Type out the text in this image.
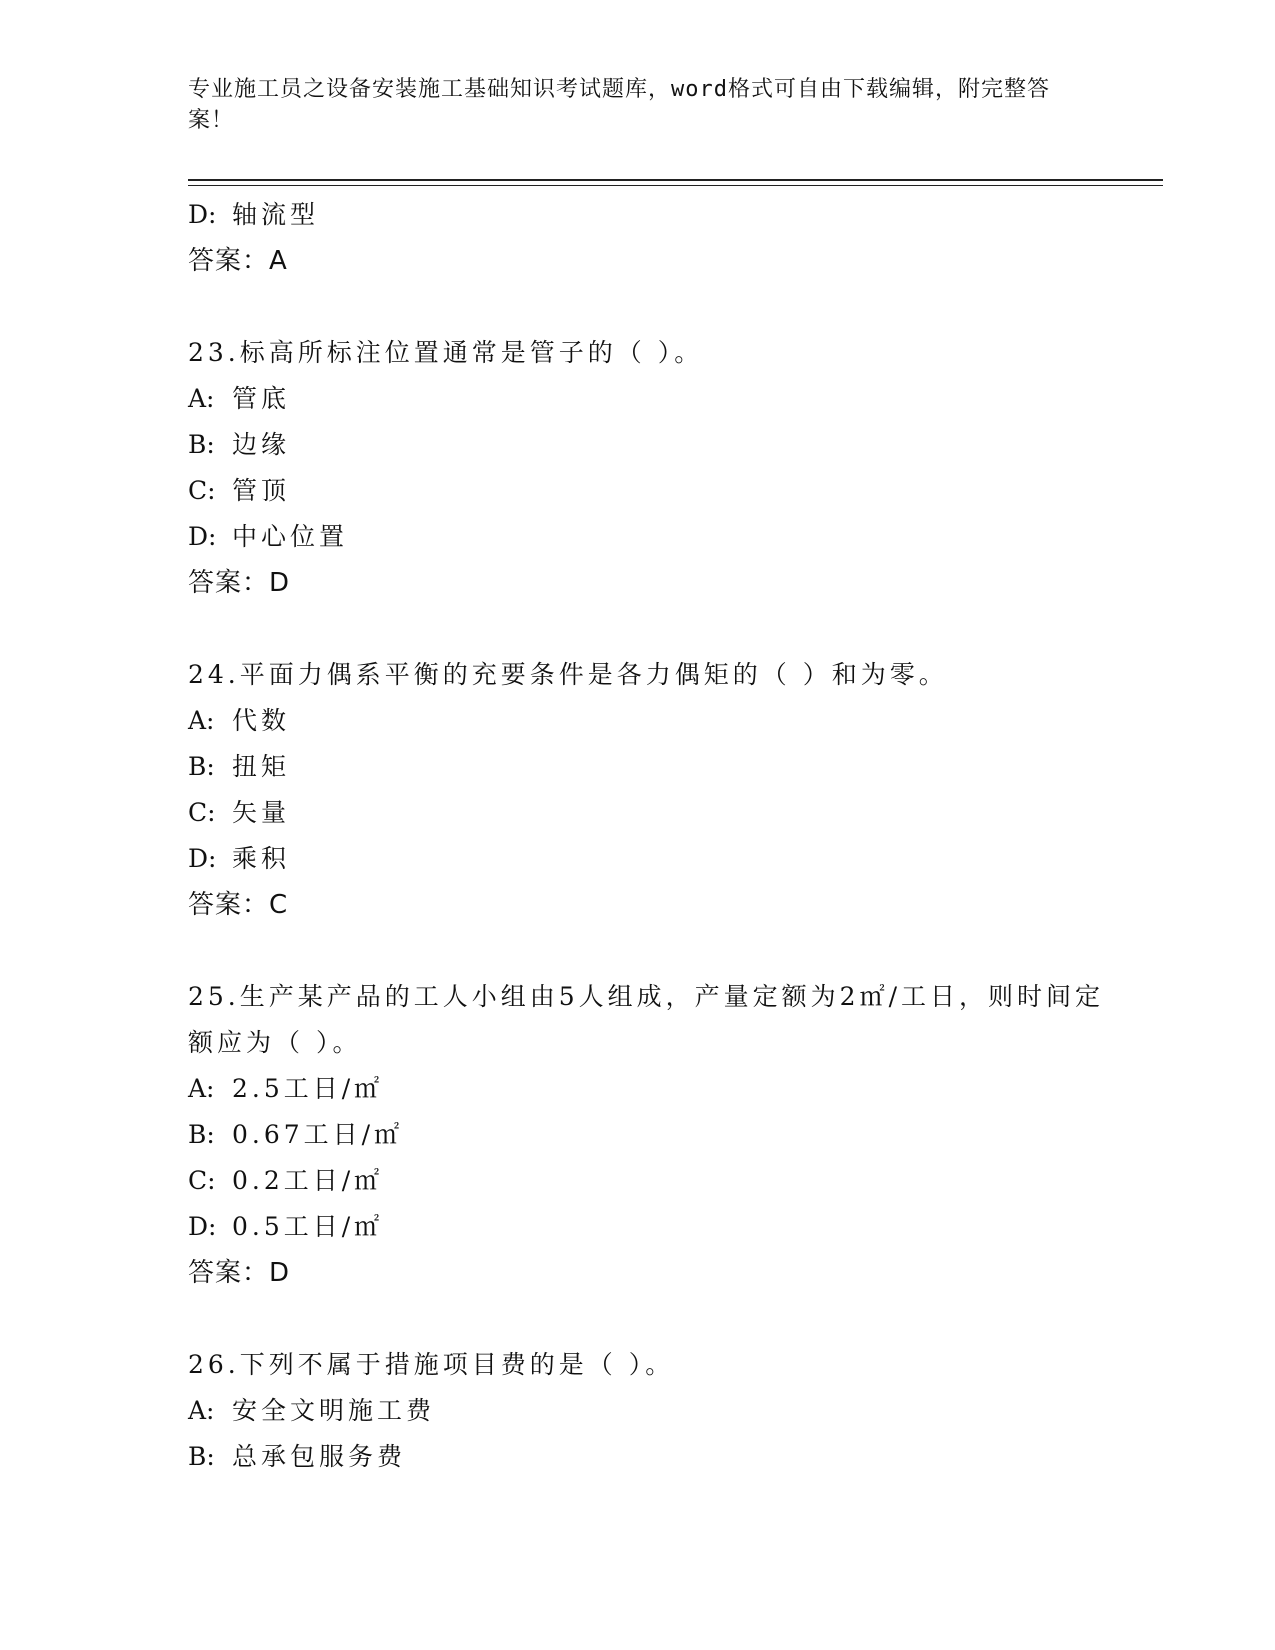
专业施工员之设备安装施工基础知识考试题库，word格式可自由下载编辑，附完整答案！
D: 轴流型
答案：A
23.标高所标注位置通常是管子的（ ）。
A: 管底
B: 边缘
C: 管顶
D: 中心位置
答案：D
24.平面力偶系平衡的充要条件是各力偶矩的（ ）和为零。
A: 代数
B: 扭矩
C: 矢量
D: 乘积
答案：C
25.生产某产品的工人小组由5人组成，产量定额为2㎡/工日，则时间定额应为（ ）。
A: 2.5工日/㎡
B: 0.67工日/㎡
C: 0.2工日/㎡
D: 0.5工日/㎡
答案：D
26.下列不属于措施项目费的是（ ）。
A: 安全文明施工费
B: 总承包服务费
